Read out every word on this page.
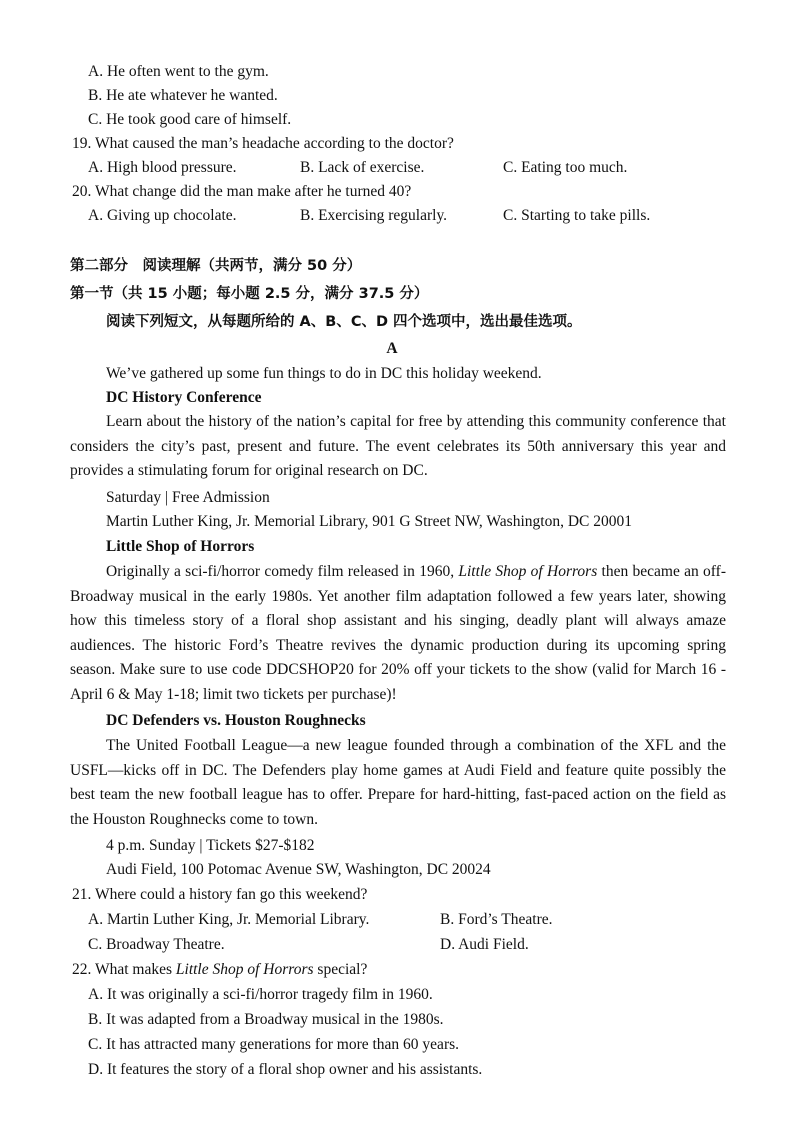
A. He often went to the gym.
B. He ate whatever he wanted.
C. He took good care of himself.
19. What caused the man’s headache according to the doctor?
A. High blood pressure.	B. Lack of exercise.	C. Eating too much.
20. What change did the man make after he turned 40?
A. Giving up chocolate.	B. Exercising regularly.	C. Starting to take pills.
第二部分　阅读理解（共两节，满分 50 分）
第一节（共 15 小题；每小题 2.5 分，满分 37.5 分）
阅读下列短文，从每题所给的 A、B、C、D 四个选项中，选出最佳选项。
A
We’ve gathered up some fun things to do in DC this holiday weekend.
DC History Conference
Learn about the history of the nation’s capital for free by attending this community conference that considers the city’s past, present and future. The event celebrates its 50th anniversary this year and provides a stimulating forum for original research on DC.
Saturday | Free Admission
Martin Luther King, Jr. Memorial Library, 901 G Street NW, Washington, DC 20001
Little Shop of Horrors
Originally a sci-fi/horror comedy film released in 1960, Little Shop of Horrors then became an off-Broadway musical in the early 1980s. Yet another film adaptation followed a few years later, showing how this timeless story of a floral shop assistant and his singing, deadly plant will always amaze audiences. The historic Ford’s Theatre revives the dynamic production during its upcoming spring season. Make sure to use code DDCSHOP20 for 20% off your tickets to the show (valid for March 16 - April 6 & May 1-18; limit two tickets per purchase)!
DC Defenders vs. Houston Roughnecks
The United Football League—a new league founded through a combination of the XFL and the USFL—kicks off in DC. The Defenders play home games at Audi Field and feature quite possibly the best team the new football league has to offer. Prepare for hard-hitting, fast-paced action on the field as the Houston Roughnecks come to town.
4 p.m. Sunday | Tickets $27-$182
Audi Field, 100 Potomac Avenue SW, Washington, DC 20024
21. Where could a history fan go this weekend?
A. Martin Luther King, Jr. Memorial Library.	B. Ford’s Theatre.
C. Broadway Theatre.	D. Audi Field.
22. What makes Little Shop of Horrors special?
A. It was originally a sci-fi/horror tragedy film in 1960.
B. It was adapted from a Broadway musical in the 1980s.
C. It has attracted many generations for more than 60 years.
D. It features the story of a floral shop owner and his assistants.
